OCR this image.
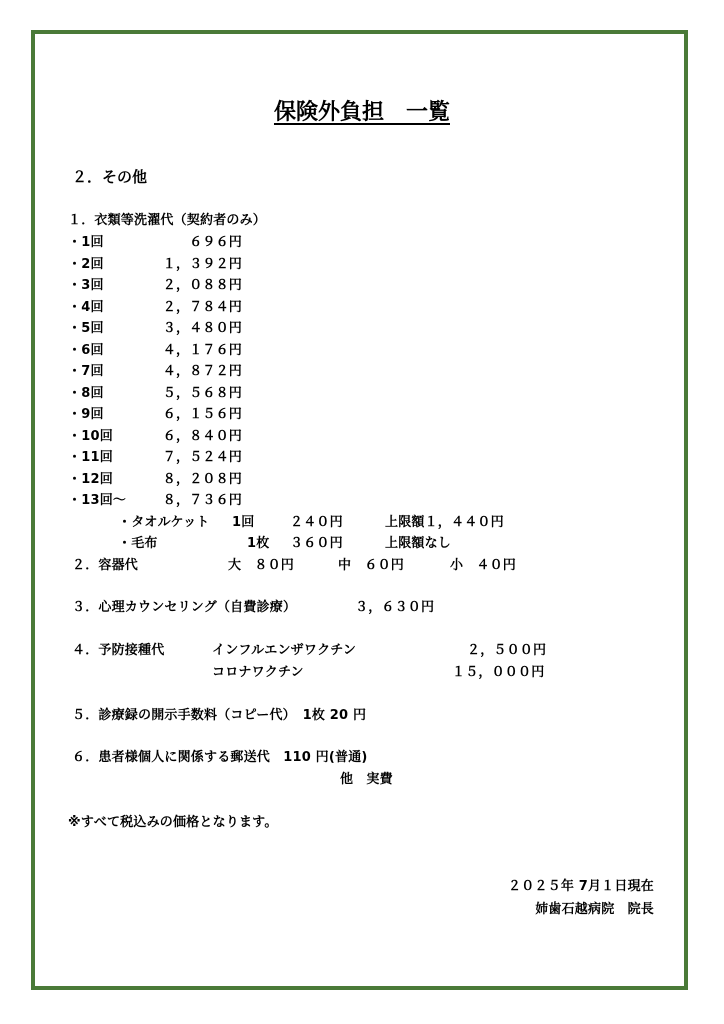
保険外負担　一覧
２．その他
１．衣類等洗濯代（契約者のみ）
・1回	６９６円
・2回	１，３９２円
・3回	２，０８８円
・4回	２，７８４円
・5回	３，４８０円
・6回	４，１７６円
・7回	４，８７２円
・8回	５，５６８円
・9回	６，１５６円
・10回	６，８４０円
・11回	７，５２４円
・12回	８，２０８円
・13回～	８，７３６円
・タオルケット 1回	２４０円	上限額１，４４０円
・毛布	1枚 ３６０円	上限額なし
２．容器代	大　８０円	中　６０円	小　４０円
３．心理カウンセリング（自費診療）	３，６３０円
４．予防接種代	インフルエンザワクチン	２，５００円
コロナワクチン	１５，０００円
５．診療録の開示手数料（コピー代）　1枚 20 円
６．患者様個人に関係する郵送代　110 円(普通)
他　実費
※すべて税込みの価格となります。
２０２５年 7月１日現在
姉歯石越病院　院長
